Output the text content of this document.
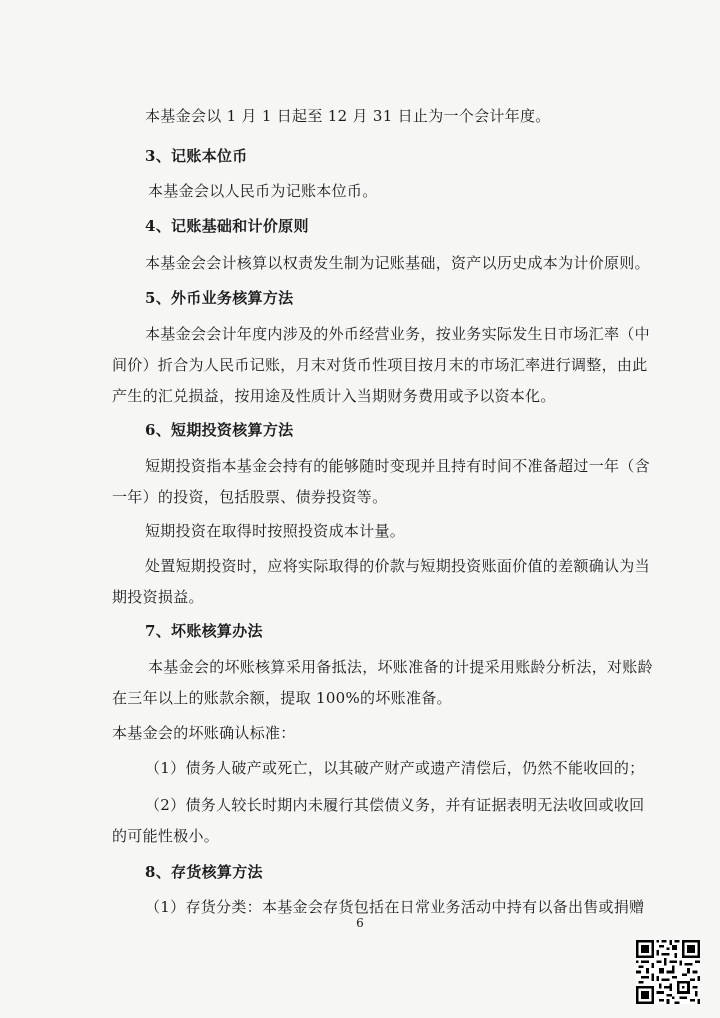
本基金会以 1 月 1 日起至 12 月 31 日止为一个会计年度。
3、记账本位币
本基金会以人民币为记账本位币。
4、记账基础和计价原则
本基金会会计核算以权责发生制为记账基础，资产以历史成本为计价原则。
5、外币业务核算方法
本基金会会计年度内涉及的外币经营业务，按业务实际发生日市场汇率（中
间价）折合为人民币记账，月末对货币性项目按月末的市场汇率进行调整，由此
产生的汇兑损益，按用途及性质计入当期财务费用或予以资本化。
6、短期投资核算方法
短期投资指本基金会持有的能够随时变现并且持有时间不准备超过一年（含
一年）的投资，包括股票、债券投资等。
短期投资在取得时按照投资成本计量。
处置短期投资时，应将实际取得的价款与短期投资账面价值的差额确认为当
期投资损益。
7、坏账核算办法
本基金会的坏账核算采用备抵法，坏账准备的计提采用账龄分析法，对账龄
在三年以上的账款余额，提取 100%的坏账准备。
本基金会的坏账确认标准：
（1）债务人破产或死亡，以其破产财产或遗产清偿后，仍然不能收回的；
（2）债务人较长时期内未履行其偿债义务，并有证据表明无法收回或收回
的可能性极小。
8、存货核算方法
（1）存货分类：本基金会存货包括在日常业务活动中持有以备出售或捐赠
6
